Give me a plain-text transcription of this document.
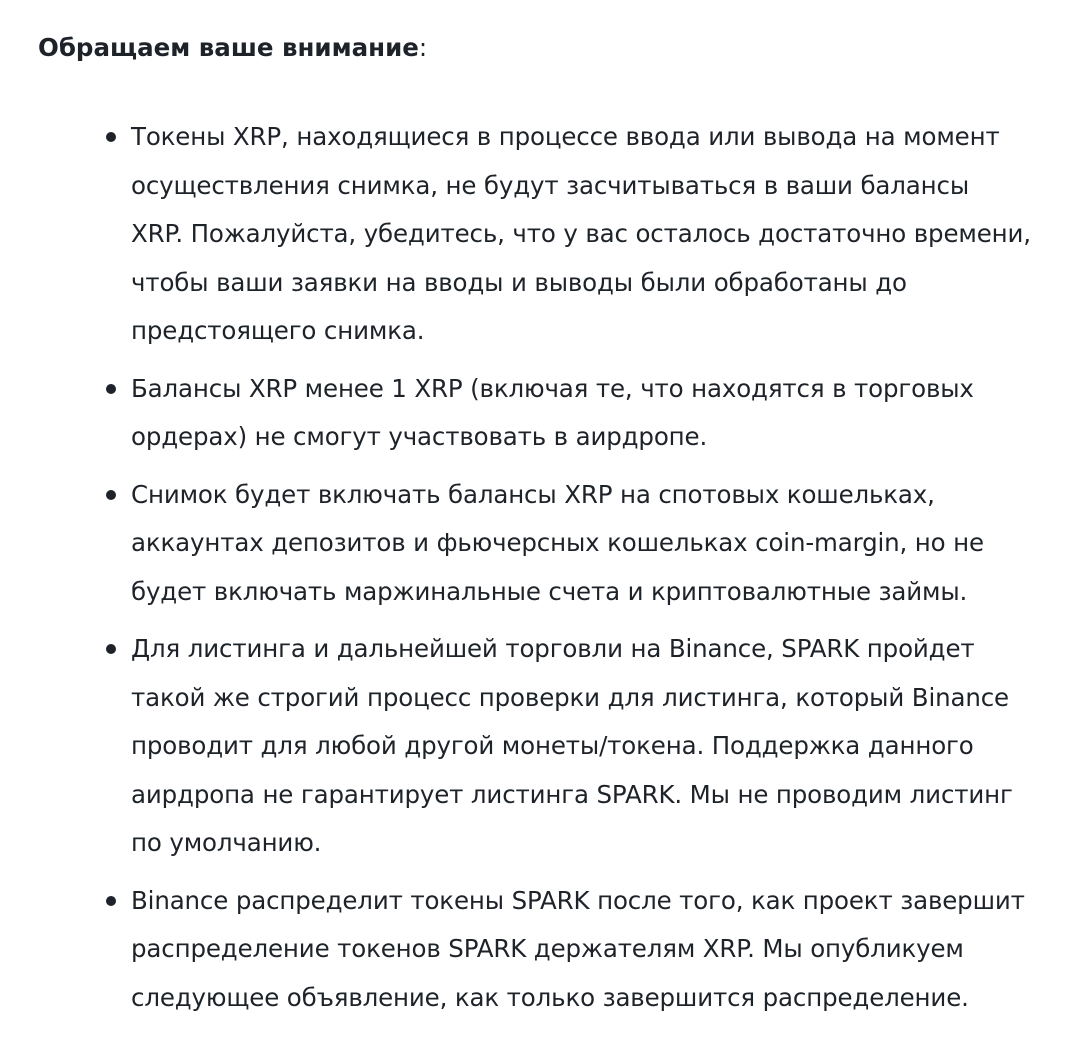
Обращаем ваше внимание:

Токены XRP, находящиеся в процессе ввода или вывода на момент
осуществления снимка, не будут засчитываться в ваши балансы
XRP. Пожалуйста, убедитесь, что у вас осталось достаточно времени,
чтобы ваши заявки на вводы и выводы были обработаны до
предстоящего снимка.
Балансы XRP менее 1 XRP (включая те, что находятся в торговых
ордерах) не смогут участвовать в аирдропе.
Снимок будет включать балансы XRP на спотовых кошельках,
аккаунтах депозитов и фьючерсных кошельках coin-margin, но не
будет включать маржинальные счета и криптовалютные займы.
Для листинга и дальнейшей торговли на Binance, SPARK пройдет
такой же строгий процесс проверки для листинга, который Binance
проводит для любой другой монеты/токена. Поддержка данного
аирдропа не гарантирует листинга SPARK. Мы не проводим листинг
по умолчанию.
Binance распределит токены SPARK после того, как проект завершит
распределение токенов SPARK держателям XRP. Мы опубликуем
следующее объявление, как только завершится распределение.
